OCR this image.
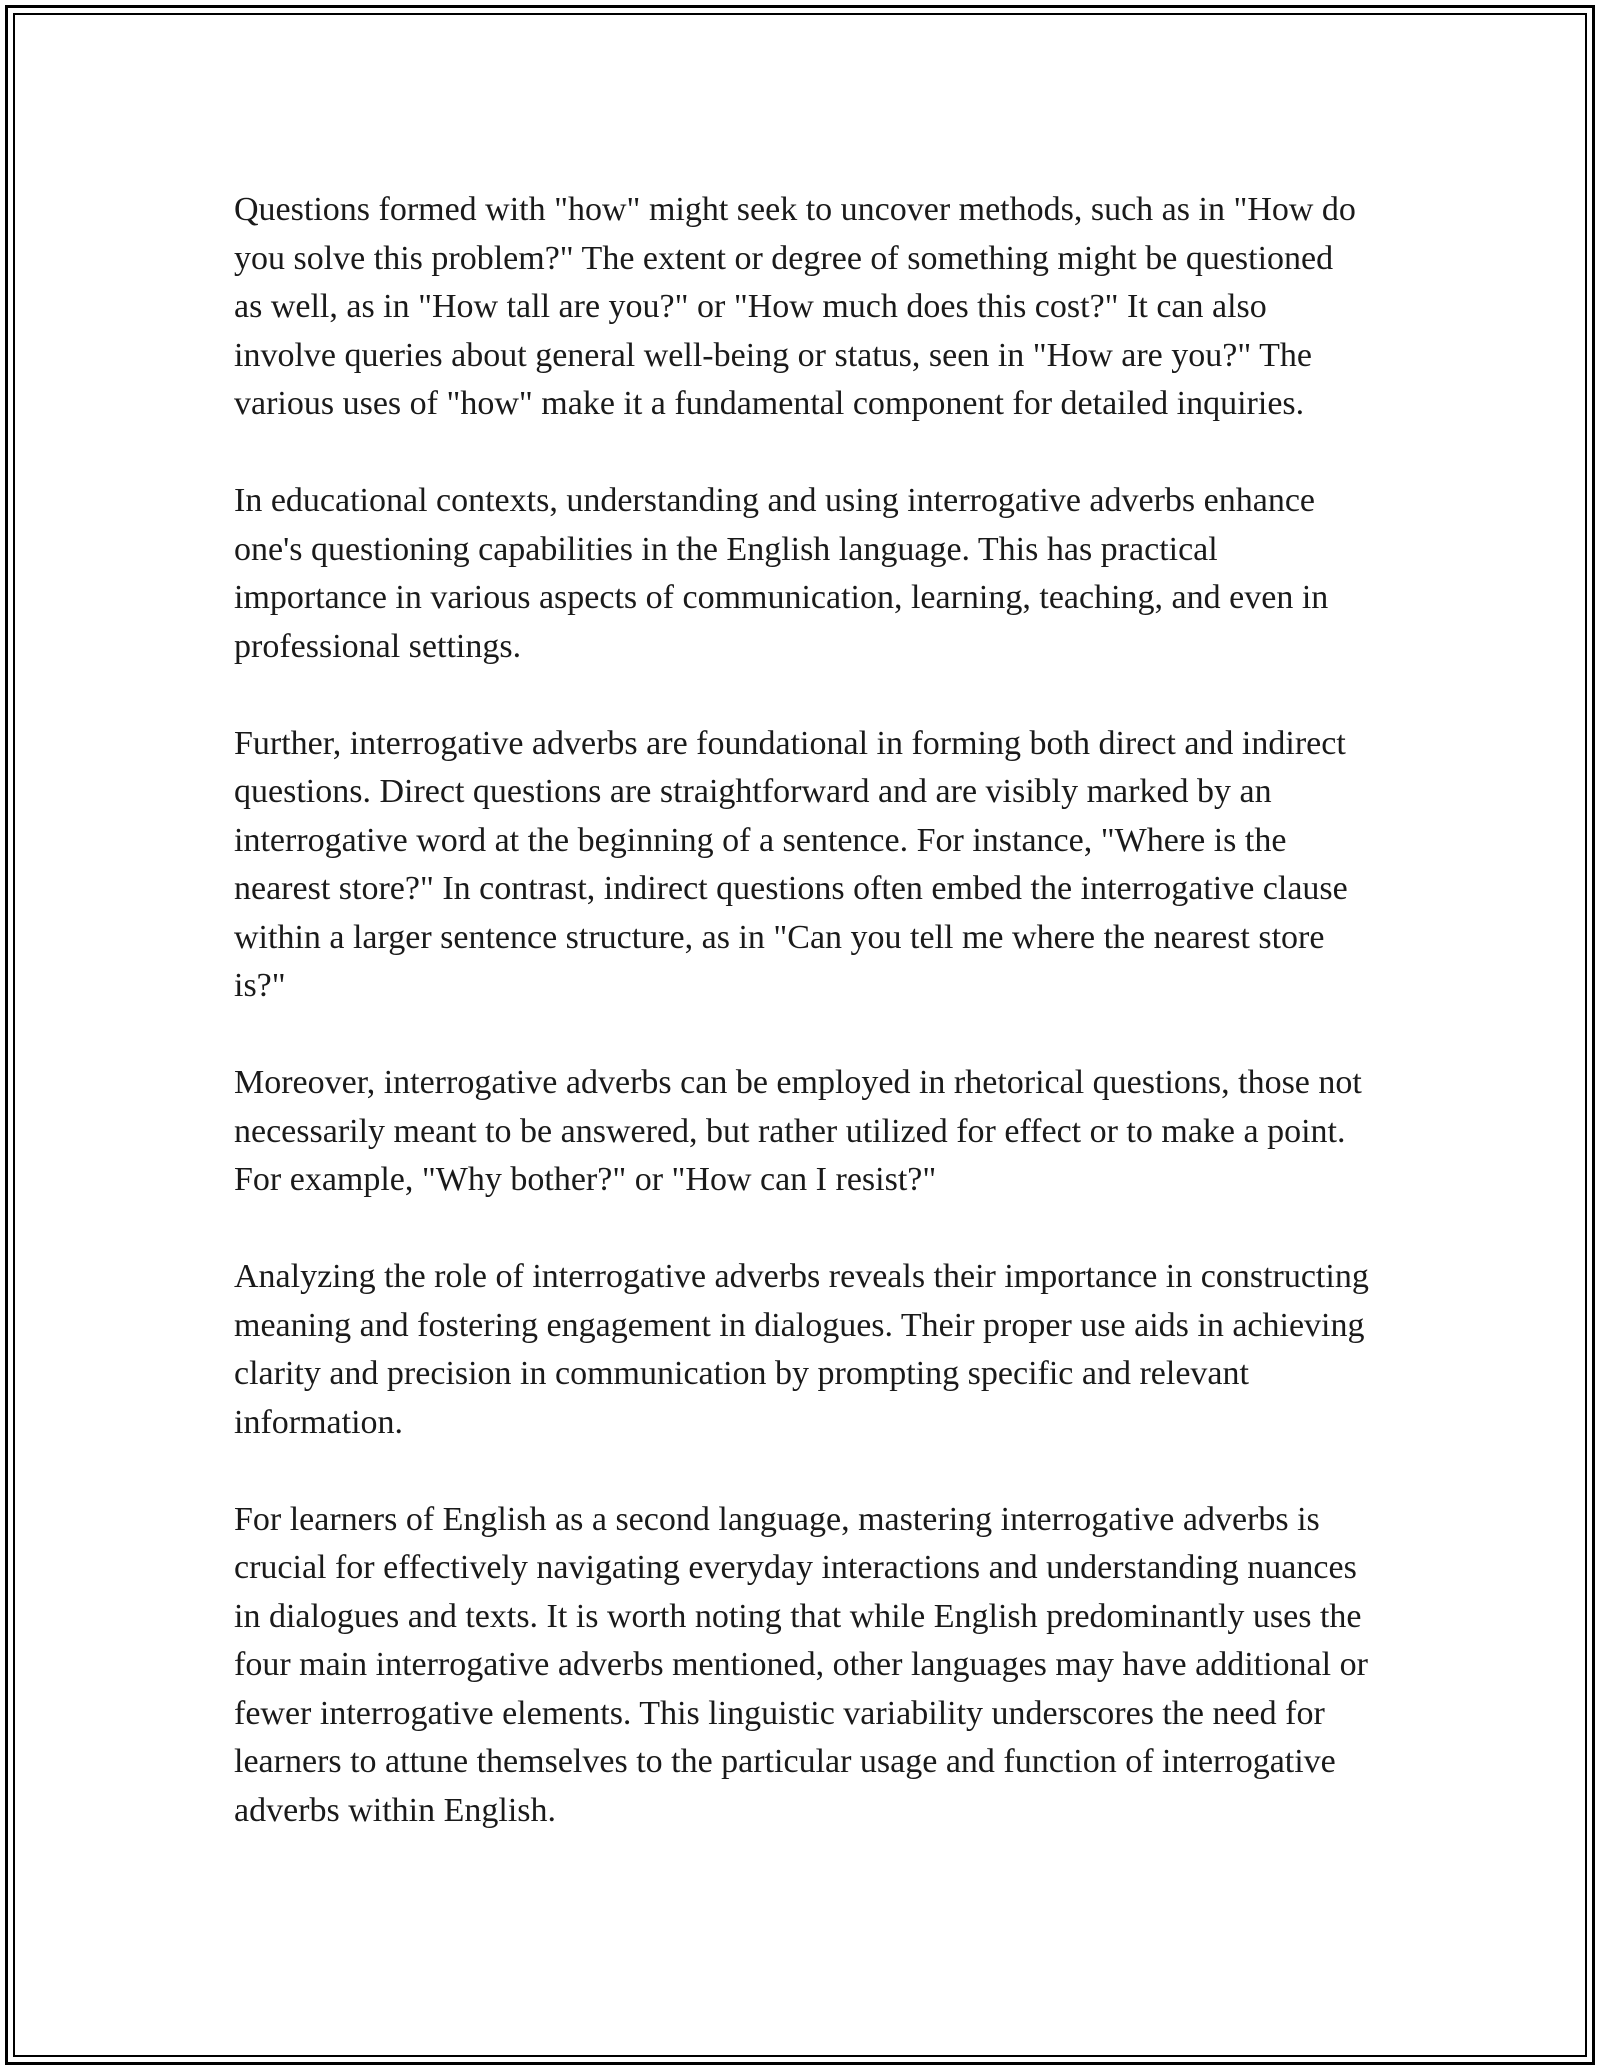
Questions formed with "how" might seek to uncover methods, such as in "How do you solve this problem?" The extent or degree of something might be questioned as well, as in "How tall are you?" or "How much does this cost?" It can also involve queries about general well-being or status, seen in "How are you?" The various uses of "how" make it a fundamental component for detailed inquiries.

In educational contexts, understanding and using interrogative adverbs enhance one's questioning capabilities in the English language. This has practical importance in various aspects of communication, learning, teaching, and even in professional settings.

Further, interrogative adverbs are foundational in forming both direct and indirect questions. Direct questions are straightforward and are visibly marked by an interrogative word at the beginning of a sentence. For instance, "Where is the nearest store?" In contrast, indirect questions often embed the interrogative clause within a larger sentence structure, as in "Can you tell me where the nearest store is?"

Moreover, interrogative adverbs can be employed in rhetorical questions, those not necessarily meant to be answered, but rather utilized for effect or to make a point. For example, "Why bother?" or "How can I resist?"

Analyzing the role of interrogative adverbs reveals their importance in constructing meaning and fostering engagement in dialogues. Their proper use aids in achieving clarity and precision in communication by prompting specific and relevant information.

For learners of English as a second language, mastering interrogative adverbs is crucial for effectively navigating everyday interactions and understanding nuances in dialogues and texts. It is worth noting that while English predominantly uses the four main interrogative adverbs mentioned, other languages may have additional or fewer interrogative elements. This linguistic variability underscores the need for learners to attune themselves to the particular usage and function of interrogative adverbs within English.
